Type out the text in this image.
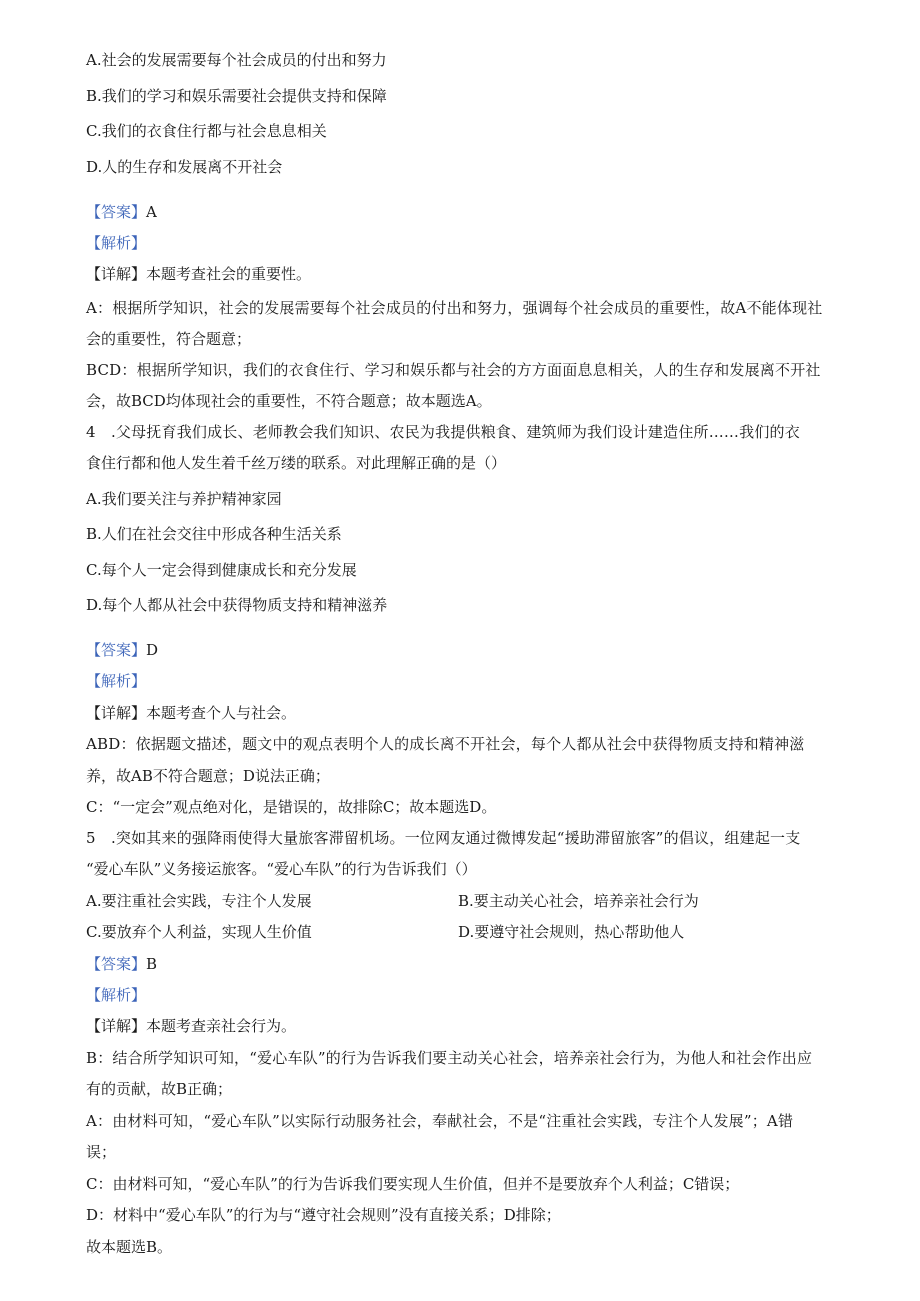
A.社会的发展需要每个社会成员的付出和努力
B.我们的学习和娱乐需要社会提供支持和保障
C.我们的衣食住行都与社会息息相关
D.人的生存和发展离不开社会
【答案】A
【解析】
【详解】本题考查社会的重要性。
A：根据所学知识，社会的发展需要每个社会成员的付出和努力，强调每个社会成员的重要性，故A不能体现社
会的重要性，符合题意；
BCD：根据所学知识，我们的衣食住行、学习和娱乐都与社会的方方面面息息相关，人的生存和发展离不开社
会，故BCD均体现社会的重要性，不符合题意；故本题选A。
4　.父母抚育我们成长、老师教会我们知识、农民为我提供粮食、建筑师为我们设计建造住所……我们的衣
食住行都和他人发生着千丝万缕的联系。对此理解正确的是（）
A.我们要关注与养护精神家园
B.人们在社会交往中形成各种生活关系
C.每个人一定会得到健康成长和充分发展
D.每个人都从社会中获得物质支持和精神滋养
【答案】D
【解析】
【详解】本题考查个人与社会。
ABD：依据题文描述，题文中的观点表明个人的成长离不开社会，每个人都从社会中获得物质支持和精神滋
养，故AB不符合题意；D说法正确；
C：“一定会”观点绝对化，是错误的，故排除C；故本题选D。
5　.突如其来的强降雨使得大量旅客滞留机场。一位网友通过微博发起“援助滞留旅客”的倡议，组建起一支
“爱心车队”义务接运旅客。“爱心车队”的行为告诉我们（）
A.要注重社会实践，专注个人发展	B.要主动关心社会，培养亲社会行为
C.要放弃个人利益，实现人生价值	D.要遵守社会规则，热心帮助他人
【答案】B
【解析】
【详解】本题考查亲社会行为。
B：结合所学知识可知，“爱心车队”的行为告诉我们要主动关心社会，培养亲社会行为，为他人和社会作出应
有的贡献，故B正确；
A：由材料可知，“爱心车队”以实际行动服务社会，奉献社会，不是“注重社会实践，专注个人发展”；A错
误；
C：由材料可知，“爱心车队”的行为告诉我们要实现人生价值，但并不是要放弃个人利益；C错误；
D：材料中“爱心车队”的行为与“遵守社会规则”没有直接关系；D排除；
故本题选B。
